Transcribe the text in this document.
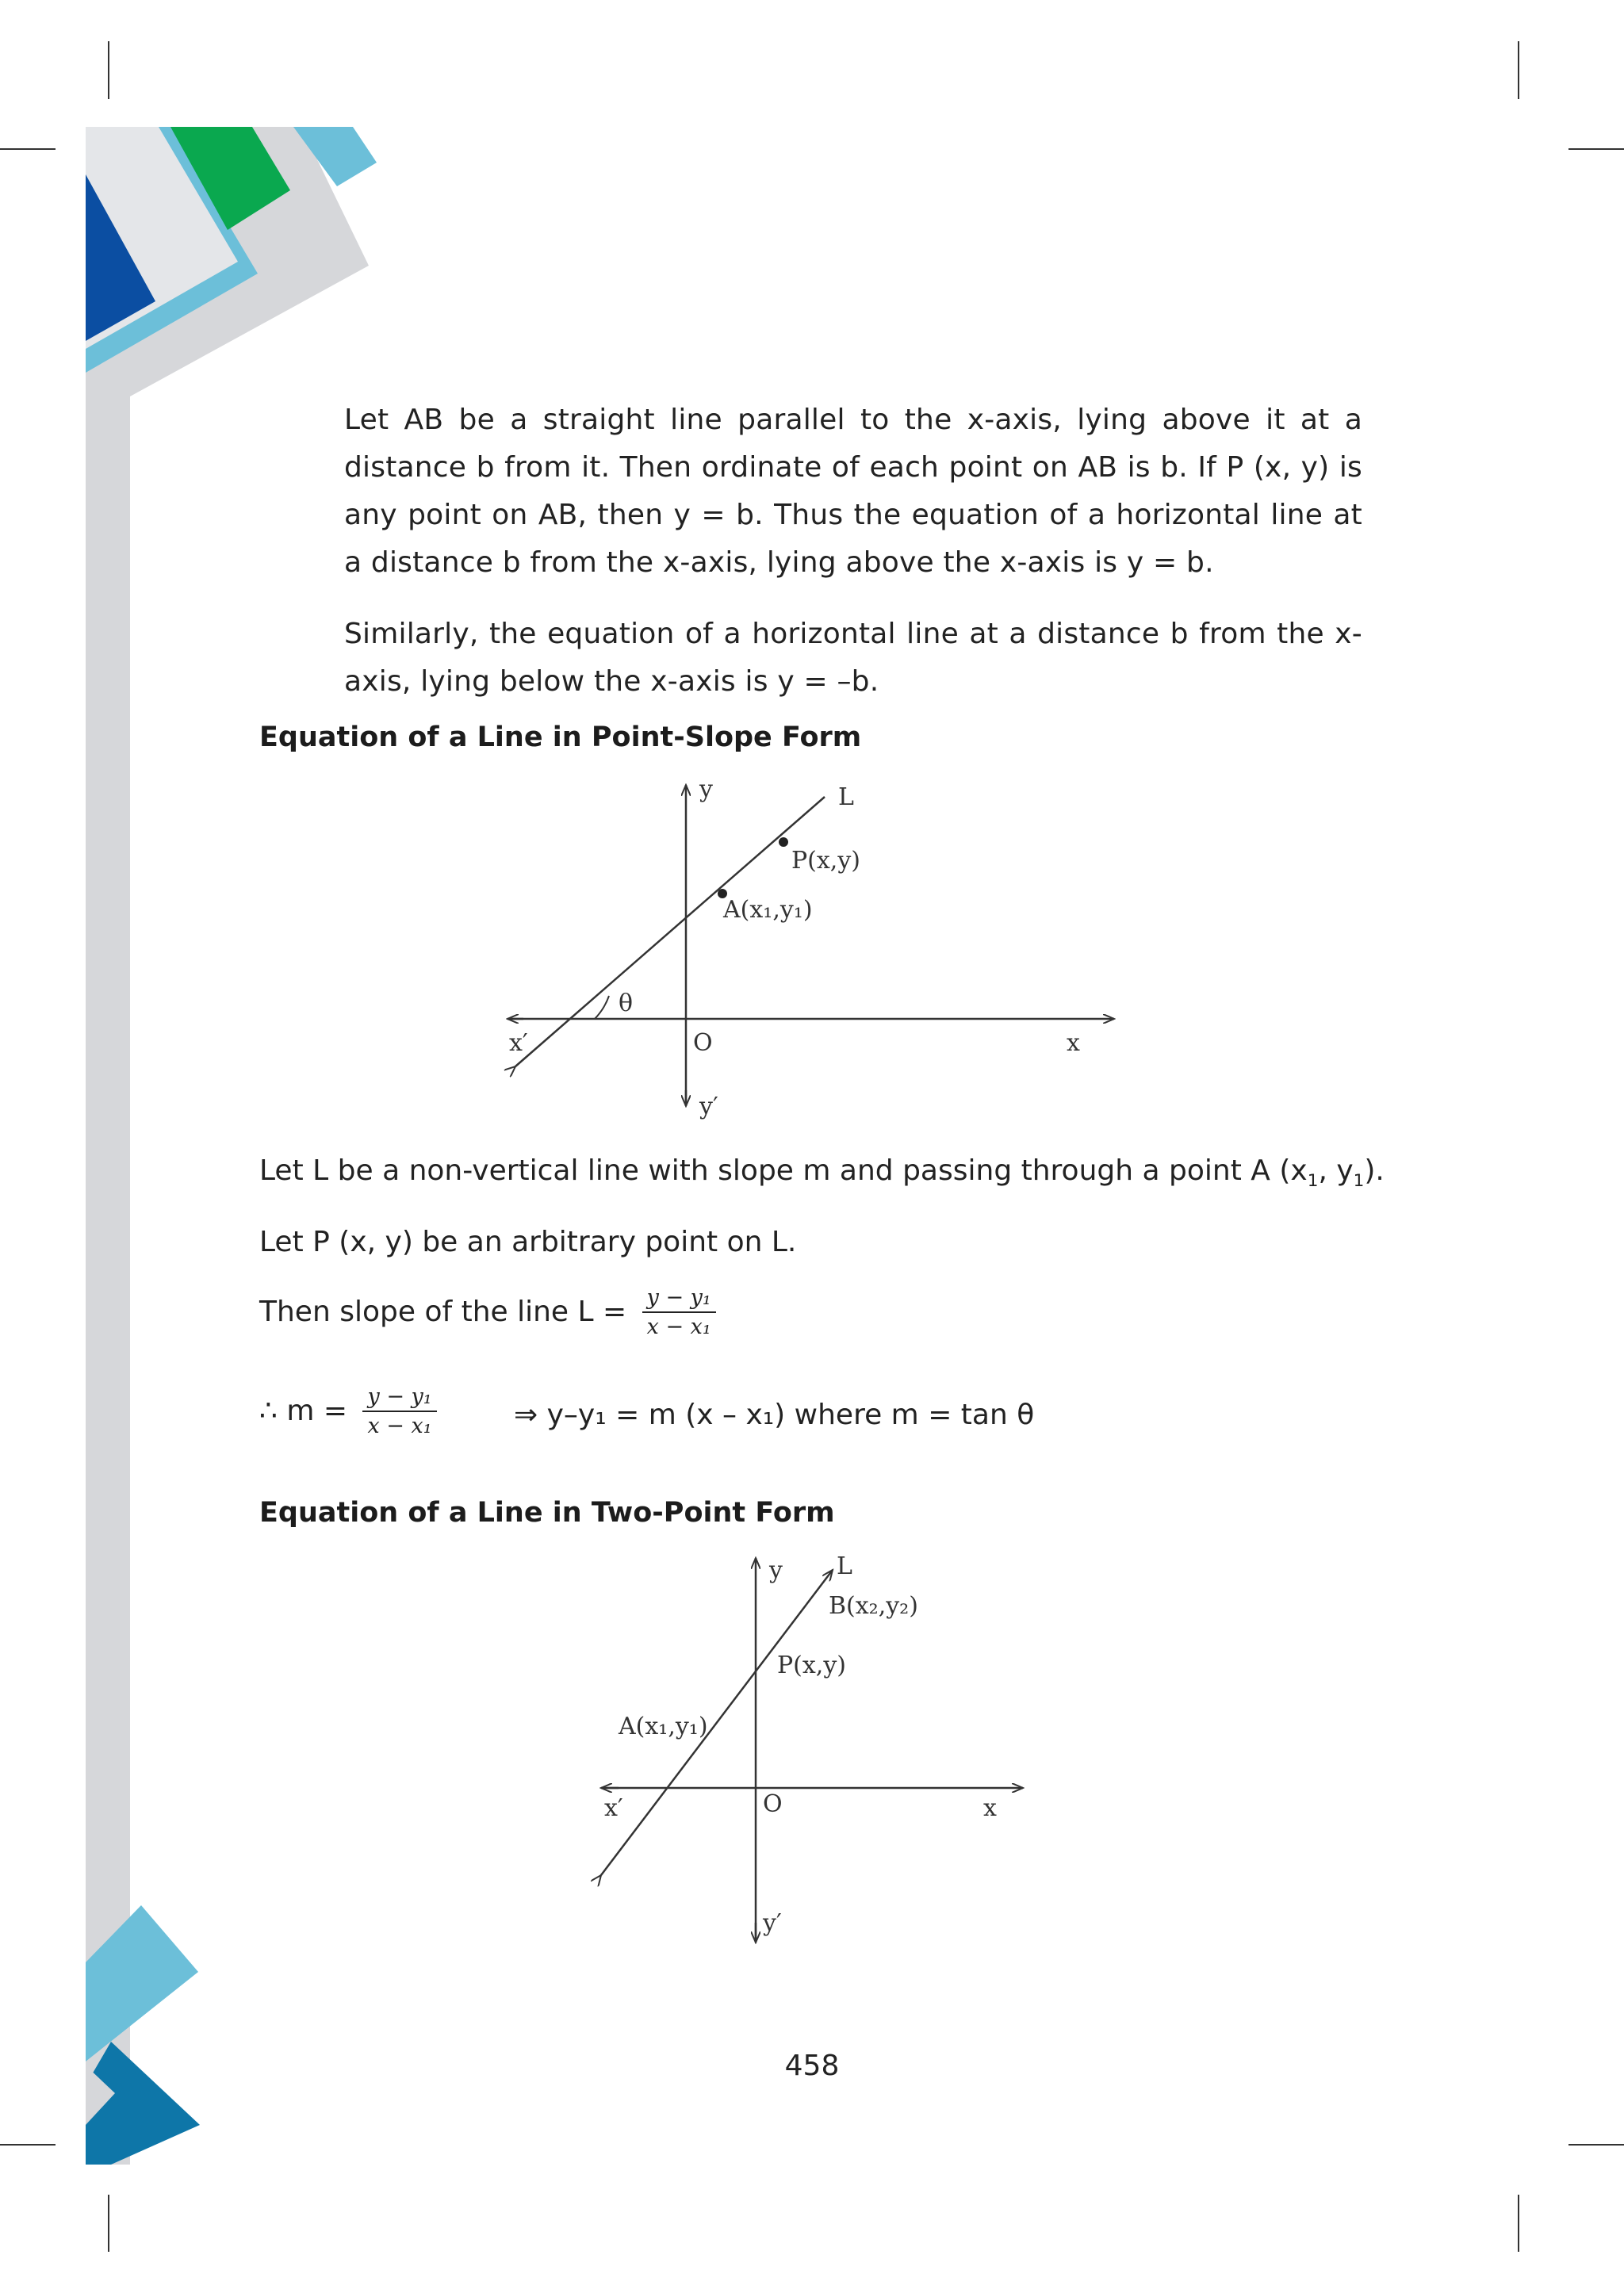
Let AB be a straight line parallel to the x-axis, lying above it at a distance b from it. Then ordinate of each point on AB is b. If P (x, y) is any point on AB, then y = b. Thus the equation of a horizontal line at a distance b from the x-axis, lying above the x-axis is y = b.
Similarly, the equation of a horizontal line at a distance b from the x-axis, lying below the x-axis is y = –b.
Equation of a Line in Point-Slope Form
y
y′
x
x′	O
L
P(x,y)
A(x₁,y₁)
θ
Let L be a non-vertical line with slope m and passing through a point A ($x_1$, $y_1$).
Let P (x, y) be an arbitrary point on L.
Then slope of the line $L = \frac{\text{y − y₁}}{\text{x − x₁}}$
∴ $m = \frac{\text{y − y₁}}{\text{x − x₁}}$	⇒ y–y₁ = m (x – x₁) where m = tan θ
Equation of a Line in Two-Point Form
y
y′
x
x′	O
L
B(x₂,y₂)
P(x,y)
A(x₁,y₁)
458
